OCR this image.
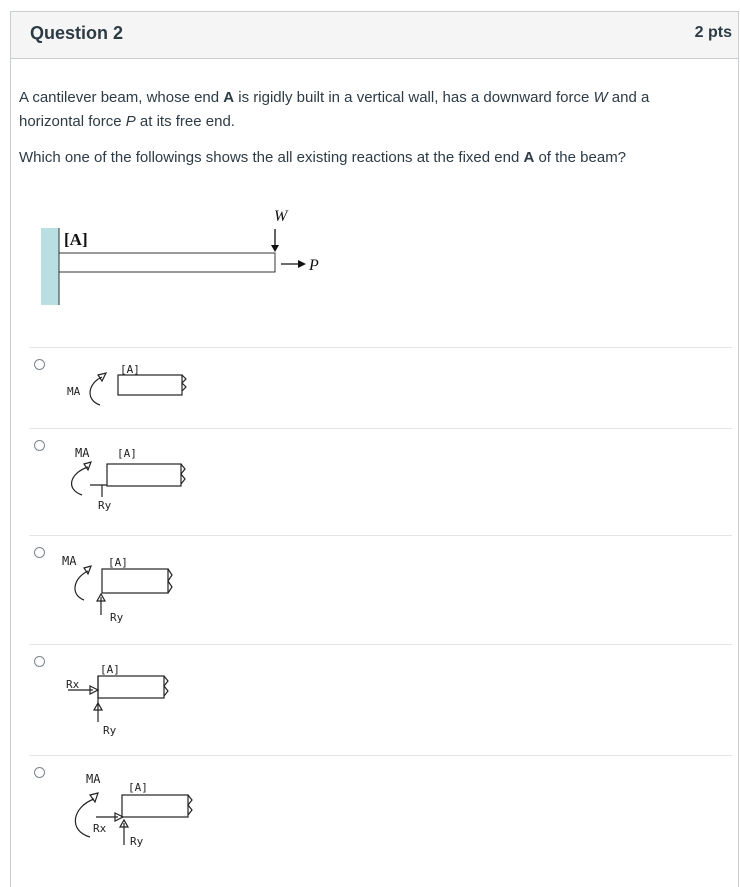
Question 2	2 pts
A cantilever beam, whose end A is rigidly built in a vertical wall, has a downward force W and a horizontal force P at its free end.
Which one of the followings shows the all existing reactions at the fixed end A of the beam?
[A]
W
P
[A]
MA
MA	[A]
Ry
MA	[A]
Ry
[A]
Rx
Ry
MA
[A]
Rx
Ry
